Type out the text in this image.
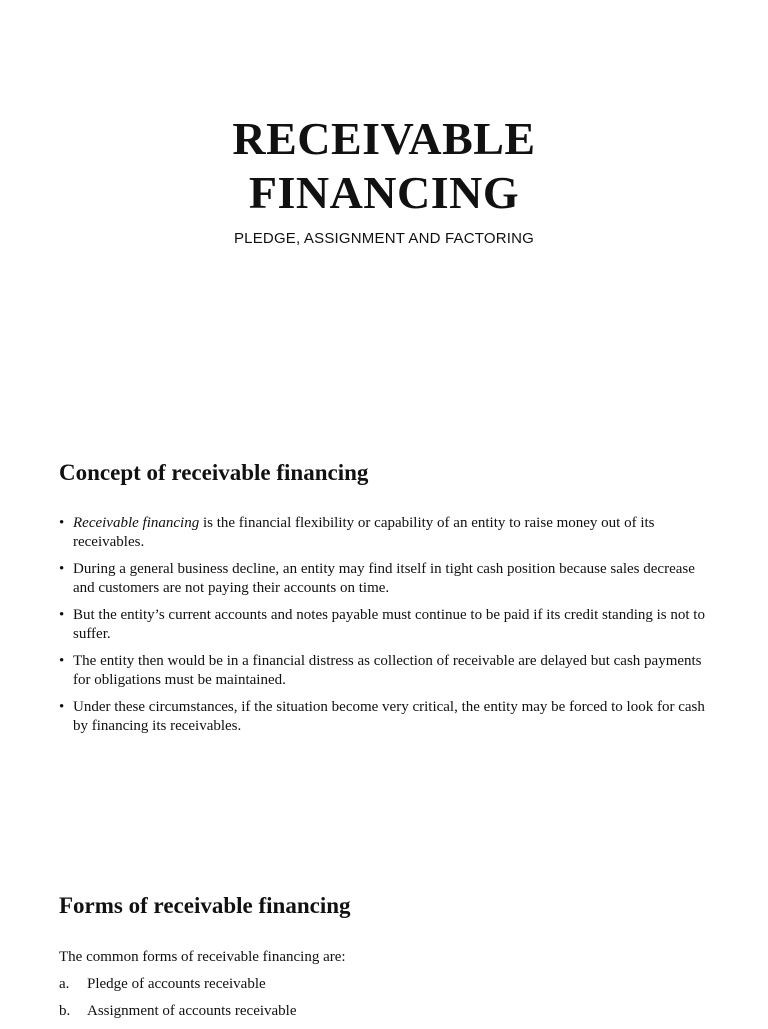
RECEIVABLE
FINANCING
PLEDGE, ASSIGNMENT AND FACTORING
Concept of receivable financing
• Receivable financing is the financial flexibility or capability of an entity to raise money out of its receivables.
• During a general business decline, an entity may find itself in tight cash position because sales decrease and customers are not paying their accounts on time.
• But the entity’s current accounts and notes payable must continue to be paid if its credit standing is not to suffer.
• The entity then would be in a financial distress as collection of receivable are delayed but cash payments for obligations must be maintained.
• Under these circumstances, if the situation become very critical, the entity may be forced to look for cash by financing its receivables.
Forms of receivable financing
The common forms of receivable financing are:
a. Pledge of accounts receivable
b. Assignment of accounts receivable
